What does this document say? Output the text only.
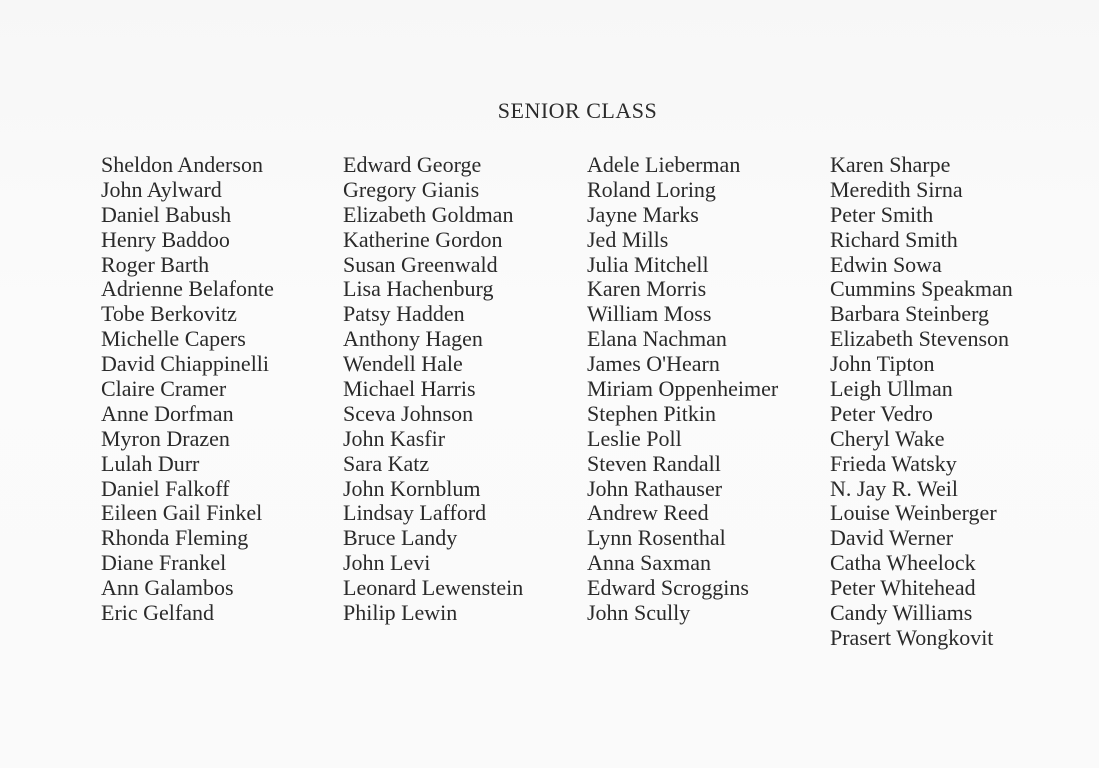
SENIOR CLASS
Sheldon Anderson
John Aylward
Daniel Babush
Henry Baddoo
Roger Barth
Adrienne Belafonte
Tobe Berkovitz
Michelle Capers
David Chiappinelli
Claire Cramer
Anne Dorfman
Myron Drazen
Lulah Durr
Daniel Falkoff
Eileen Gail Finkel
Rhonda Fleming
Diane Frankel
Ann Galambos
Eric Gelfand
Edward George
Gregory Gianis
Elizabeth Goldman
Katherine Gordon
Susan Greenwald
Lisa Hachenburg
Patsy Hadden
Anthony Hagen
Wendell Hale
Michael Harris
Sceva Johnson
John Kasfir
Sara Katz
John Kornblum
Lindsay Lafford
Bruce Landy
John Levi
Leonard Lewenstein
Philip Lewin
Adele Lieberman
Roland Loring
Jayne Marks
Jed Mills
Julia Mitchell
Karen Morris
William Moss
Elana Nachman
James O'Hearn
Miriam Oppenheimer
Stephen Pitkin
Leslie Poll
Steven Randall
John Rathauser
Andrew Reed
Lynn Rosenthal
Anna Saxman
Edward Scroggins
John Scully
Karen Sharpe
Meredith Sirna
Peter Smith
Richard Smith
Edwin Sowa
Cummins Speakman
Barbara Steinberg
Elizabeth Stevenson
John Tipton
Leigh Ullman
Peter Vedro
Cheryl Wake
Frieda Watsky
N. Jay R. Weil
Louise Weinberger
David Werner
Catha Wheelock
Peter Whitehead
Candy Williams
Prasert Wongkovit
